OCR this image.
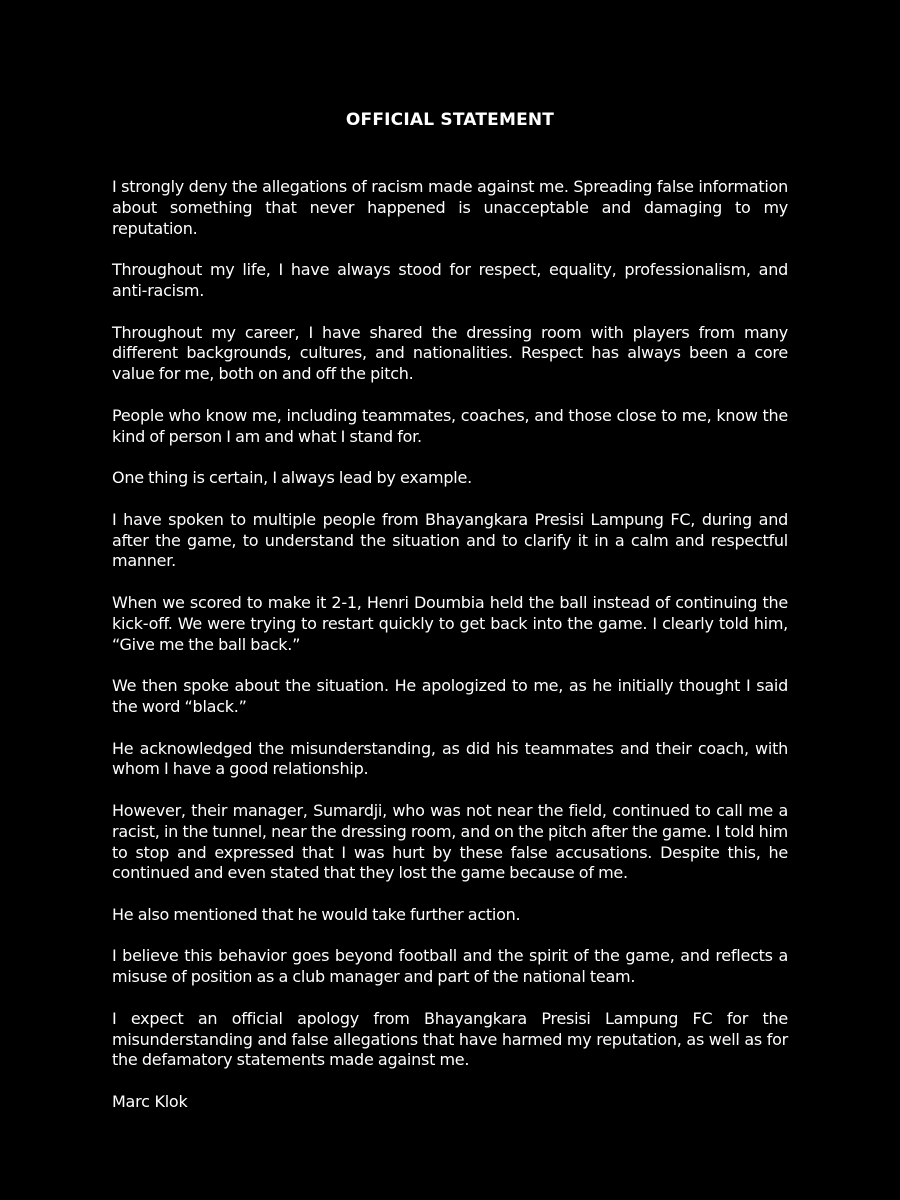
OFFICIAL STATEMENT

I strongly deny the allegations of racism made against me. Spreading false information about something that never happened is unacceptable and damaging to my reputation.

Throughout my life, I have always stood for respect, equality, professionalism, and anti-racism.

Throughout my career, I have shared the dressing room with players from many different backgrounds, cultures, and nationalities. Respect has always been a core value for me, both on and off the pitch.

People who know me, including teammates, coaches, and those close to me, know the kind of person I am and what I stand for.

One thing is certain, I always lead by example.

I have spoken to multiple people from Bhayangkara Presisi Lampung FC, during and after the game, to understand the situation and to clarify it in a calm and respectful manner.

When we scored to make it 2-1, Henri Doumbia held the ball instead of continuing the kick-off. We were trying to restart quickly to get back into the game. I clearly told him, “Give me the ball back.”

We then spoke about the situation. He apologized to me, as he initially thought I said the word “black.”

He acknowledged the misunderstanding, as did his teammates and their coach, with whom I have a good relationship.

However, their manager, Sumardji, who was not near the field, continued to call me a racist, in the tunnel, near the dressing room, and on the pitch after the game. I told him to stop and expressed that I was hurt by these false accusations. Despite this, he continued and even stated that they lost the game because of me.

He also mentioned that he would take further action.

I believe this behavior goes beyond football and the spirit of the game, and reflects a misuse of position as a club manager and part of the national team.

I expect an official apology from Bhayangkara Presisi Lampung FC for the misunderstanding and false allegations that have harmed my reputation, as well as for the defamatory statements made against me.

Marc Klok
